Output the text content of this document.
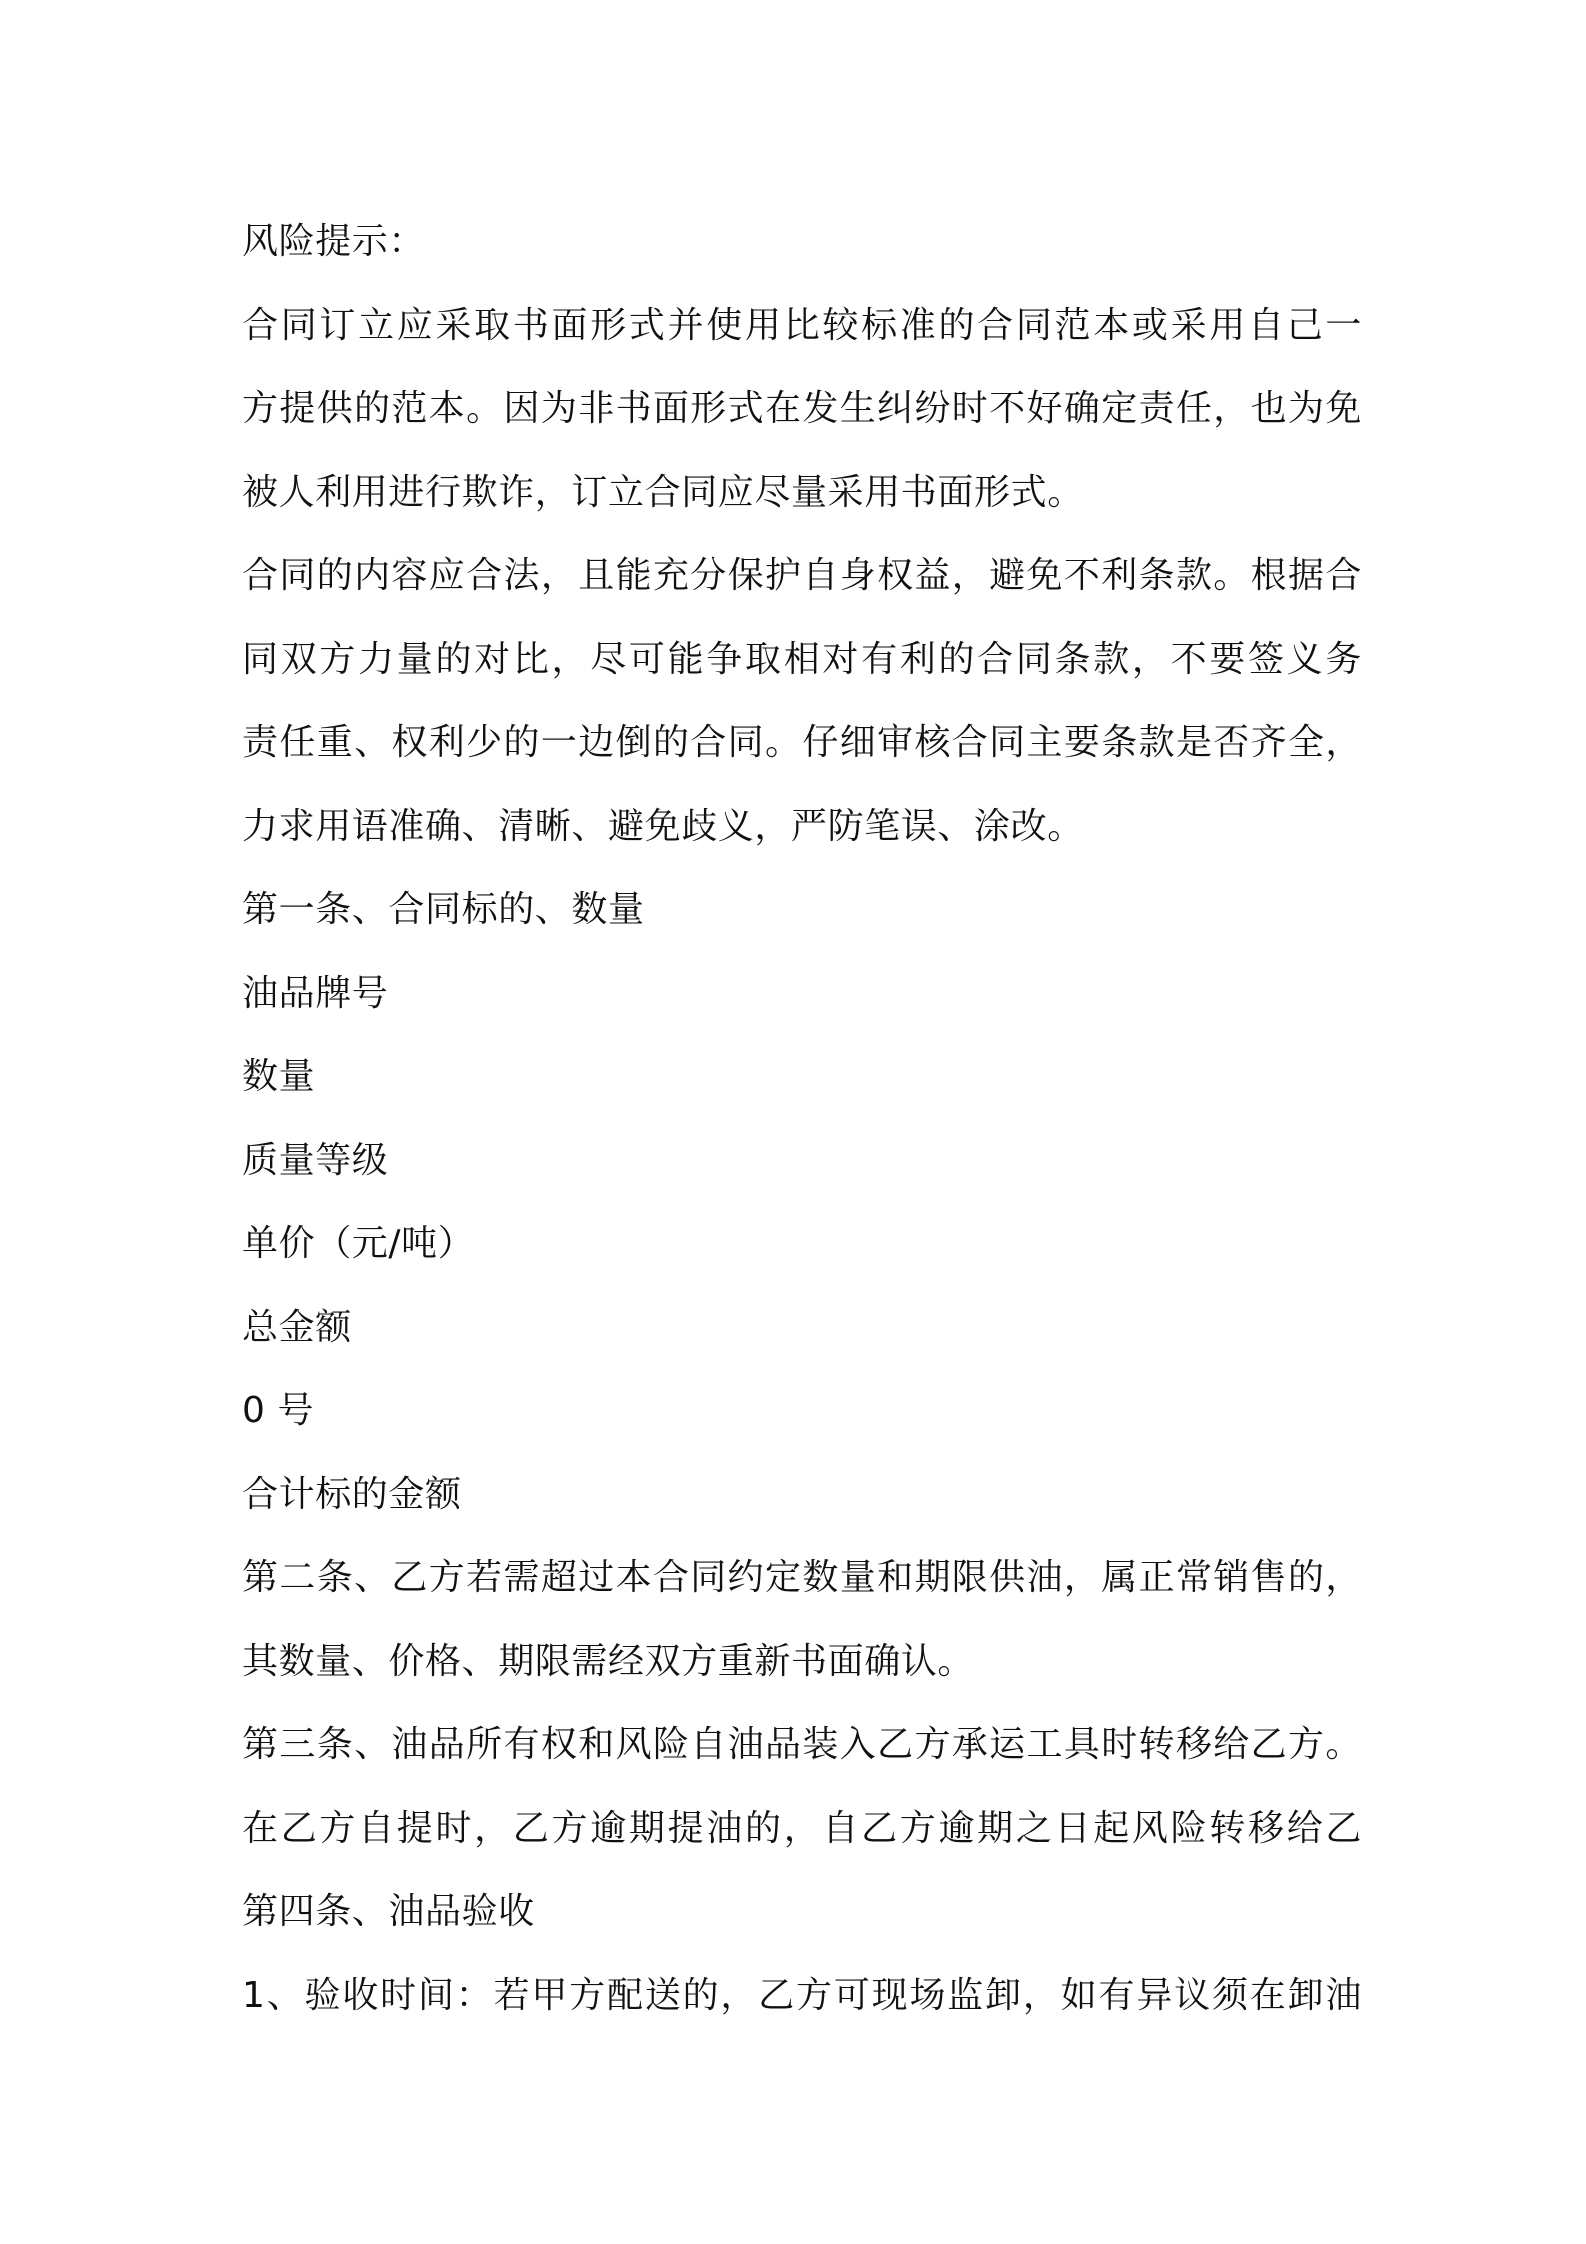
风险提示：
合同订立应采取书面形式并使用比较标准的合同范本或采用自己一
方提供的范本。因为非书面形式在发生纠纷时不好确定责任，也为免
被人利用进行欺诈，订立合同应尽量采用书面形式。
合同的内容应合法，且能充分保护自身权益，避免不利条款。根据合
同双方力量的对比，尽可能争取相对有利的合同条款，不要签义务
责任重、权利少的一边倒的合同。仔细审核合同主要条款是否齐全，
力求用语准确、清晰、避免歧义，严防笔误、涂改。
第一条、合同标的、数量
油品牌号
数量
质量等级
单价（元/吨）
总金额
0 号
合计标的金额
第二条、乙方若需超过本合同约定数量和期限供油，属正常销售的，
其数量、价格、期限需经双方重新书面确认。
第三条、油品所有权和风险自油品装入乙方承运工具时转移给乙方。
在乙方自提时，乙方逾期提油的，自乙方逾期之日起风险转移给乙
第四条、油品验收
1、验收时间：若甲方配送的，乙方可现场监卸，如有异议须在卸油
